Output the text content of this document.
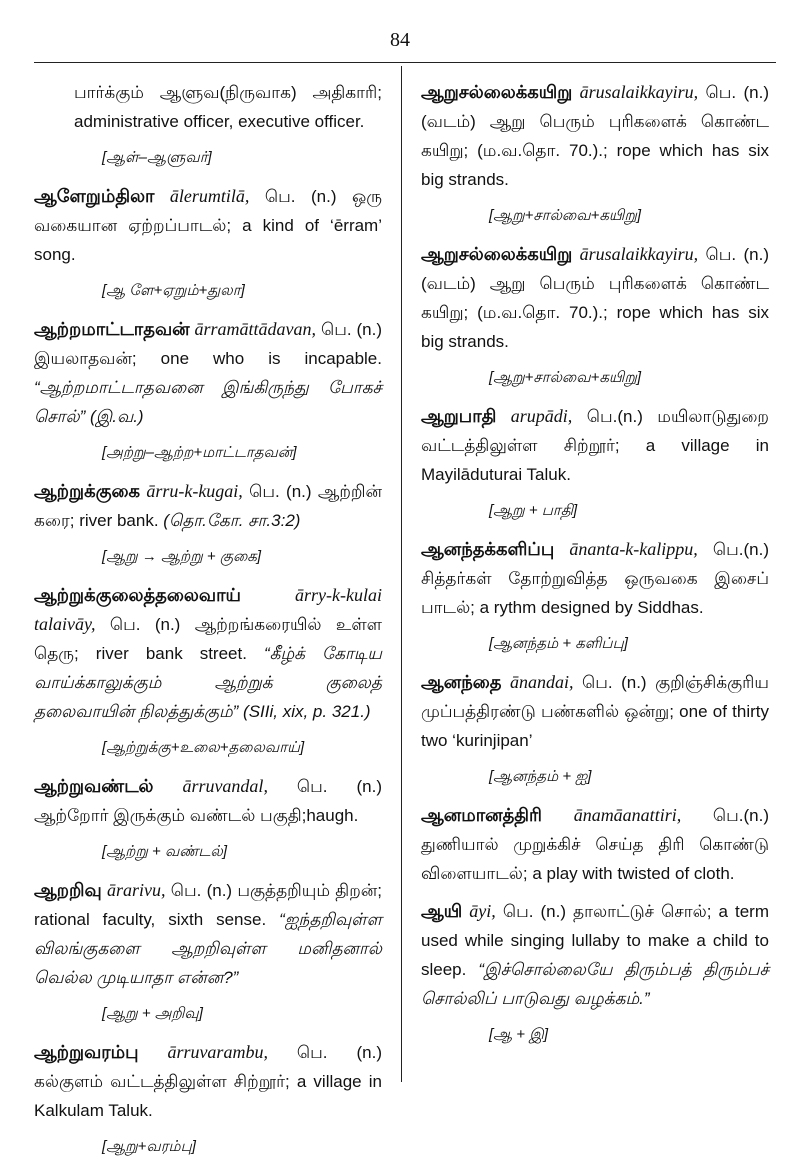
84
பார்க்கும் ஆளுவ(நிருவாக) அதிகாரி; administrative officer, executive officer.
[ஆள்–ஆளுவர்]
ஆளேறும்திலா ālerumtilā, பெ. (n.) ஒரு வகையான ஏற்றப்பாடல்; a kind of ‘ērram’ song.
[ஆ ளே+ஏறும்+துலா]
ஆற்றமாட்டாதவன் ārramāttādavan, பெ. (n.) இயலாதவன்; one who is incapable. “ஆற்றமாட்டாதவனை இங்கிருந்து போகச் சொல்” (இ.வ.)
[அற்று–ஆற்ற+மாட்டாதவன்]
ஆற்றுக்குகை ārru-k-kugai, பெ. (n.) ஆற்றின் கரை; river bank. (தொ.கோ. சா.3:2)
[ஆறு → ஆற்று + குகை]
ஆற்றுக்குலைத்தலைவாய்	ārry-k-kulai talaivāy, பெ. (n.) ஆற்றங்கரையில் உள்ள தெரு; river bank street. “கீழ்க் கோடிய வாய்க்காலுக்கும் ஆற்றுக் குலைத் தலைவாயின் நிலத்துக்கும்” (SIIi, xix, p. 321.)
[ஆற்றுக்கு+உலை+தலைவாய்]
ஆற்றுவண்டல் ārruvandal, பெ. (n.) ஆற்றோர் இருக்கும் வண்டல் பகுதி;haugh.
[ஆற்று + வண்டல்]
ஆறறிவு ārarivu, பெ. (n.) பகுத்தறியும் திறன்; rational faculty, sixth sense. “ஐந்தறிவுள்ள விலங்குகளை ஆறறிவுள்ள மனிதனால் வெல்ல முடியாதா என்ன?”
[ஆறு + அறிவு]
ஆற்றுவரம்பு ārruvarambu, பெ. (n.) கல்குளம் வட்டத்திலுள்ள சிற்றூர்; a village in Kalkulam Taluk.
[ஆறு+வரம்பு]
ஆறுசல்லைக்கயிறு ārusalaikkayiru, பெ. (n.) (வடம்) ஆறு பெரும் புரிகளைக் கொண்ட கயிறு; (ம.வ.தொ. 70.).; rope which has six big strands.
[ஆறு+சால்வை+கயிறு]
ஆறுசல்லைக்கயிறு ārusalaikkayiru, பெ. (n.) (வடம்) ஆறு பெரும் புரிகளைக் கொண்ட கயிறு; (ம.வ.தொ. 70.).; rope which has six big strands.
[ஆறு+சால்வை+கயிறு]
ஆறுபாதி arupādi, பெ.(n.) மயிலாடுதுறை வட்டத்திலுள்ள சிற்றூர்; a village in Mayilāduturai Taluk.
[ஆறு + பாதி]
ஆனந்தக்களிப்பு ānanta-k-kalippu, பெ.(n.) சித்தர்கள் தோற்றுவித்த ஒருவகை இசைப் பாடல்; a rythm designed by Siddhas.
[ஆனந்தம் + களிப்பு]
ஆனந்தை ānandai, பெ. (n.) குறிஞ்சிக்குரிய முப்பத்திரண்டு பண்களில் ஒன்று; one of thirty two ‘kurinjipan’
[ஆனந்தம் + ஐ]
ஆனமானத்திரி ānamāanattiri, பெ.(n.) துணியால் முறுக்கிச் செய்த திரி கொண்டு விளையாடல்; a play with twisted of cloth.
ஆயி āyi, பெ. (n.) தாலாட்டுச் சொல்; a term used while singing lullaby to make a child to sleep. “இச்சொல்லையே திரும்பத் திரும்பச் சொல்லிப் பாடுவது வழக்கம்.”
[ஆ + இ]
